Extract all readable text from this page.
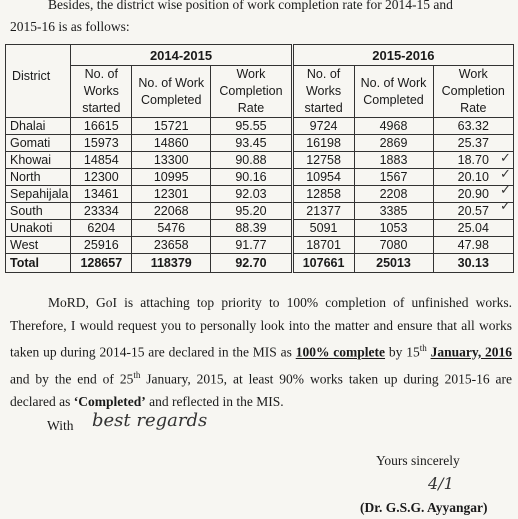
Besides, the district wise position of work completion rate for 2014-15 and
2015-16 is as follows:
District	2014-2015			2015-2016		
	No. of Works started	No. of Work Completed	Work Completion Rate	No. of Works started	No. of Work Completed	Work Completion Rate
Dhalai	16615	15721	95.55	9724	4968	63.32
Gomati	15973	14860	93.45	16198	2869	25.37
Khowai	14854	13300	90.88	12758	1883	18.70
North	12300	10995	90.16	10954	1567	20.10
Sepahijala	13461	12301	92.03	12858	2208	20.90
South	23334	22068	95.20	21377	3385	20.57
Unakoti	6204	5476	88.39	5091	1053	25.04
West	25916	23658	91.77	18701	7080	47.98
Total	128657	118379	92.70	107661	25013	30.13
✓
✓
✓
✓
MoRD, GoI is attaching top priority to 100% completion of unfinished works. Therefore, I would request you to personally look into the matter and ensure that all works taken up during 2014-15 are declared in the MIS as 100% complete by 15th January, 2016 and by the end of 25th January, 2015, at least 90% works taken up during 2015-16 are declared as ‘Completed’ and reflected in the MIS.
With best regards
Yours sincerely
4/1
(Dr. G.S.G. Ayyangar)
